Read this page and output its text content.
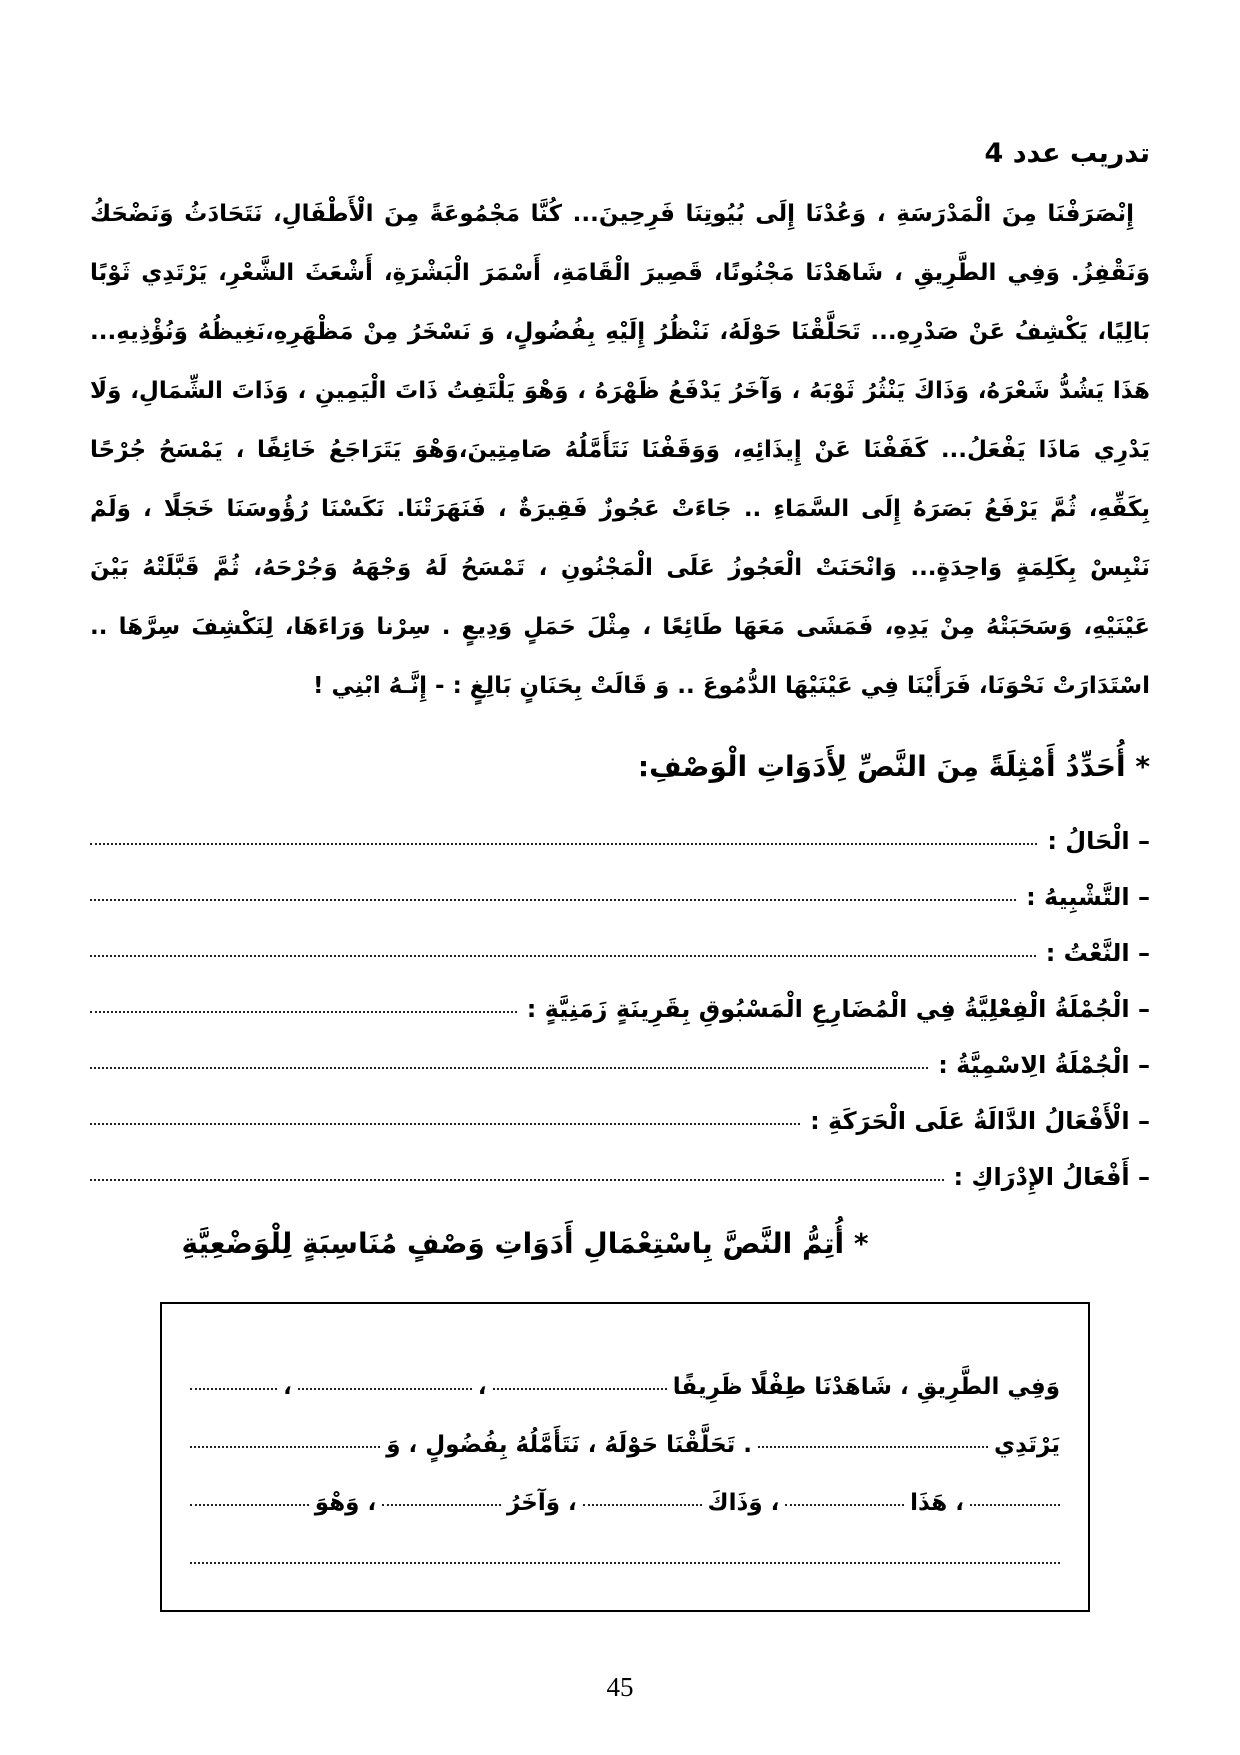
تدريب عدد 4
إِنْصَرَفْنَا مِنَ الْمَدْرَسَةِ ، وَعُدْنَا إِلَى بُيُوتِنَا فَرِحِينَ... كُنَّا مَجْمُوعَةً مِنَ الْأَطْفَالِ، نَتَحَادَثُ وَنَضْحَكُ
وَنَقْفِزُ. وَفِي الطَّرِيقِ ، شَاهَدْنَا مَجْنُونًا، قَصِيرَ الْقَامَةِ، أَسْمَرَ الْبَشْرَةِ، أَشْعَثَ الشَّعْرِ، يَرْتَدِي ثَوْبًا
بَالِيًا، يَكْشِفُ عَنْ صَدْرِهِ... تَحَلَّقْنَا حَوْلَهُ، نَنْظُرُ إِلَيْهِ بِفُضُولٍ، وَ نَسْخَرُ مِنْ مَظْهَرِهِ،نَغِيظُهُ وَنُؤْذِيهِ...
هَذَا يَشُدُّ شَعْرَهُ، وَذَاكَ يَنْثُرُ ثَوْبَهُ ، وَآخَرُ يَدْفَعُ ظَهْرَهُ ، وَهْوَ يَلْتَفِتُ ذَاتَ الْيَمِينِ ، وَذَاتَ الشِّمَالِ، وَلَا
يَدْرِي مَاذَا يَفْعَلُ... كَفَفْنَا عَنْ إِيذَائِهِ، وَوَقَفْنَا نَتَأَمَّلُهُ صَامِتِينَ،وَهْوَ يَتَرَاجَعُ خَائِفًا ، يَمْسَحُ جُرْحًا
بِكَفِّهِ، ثُمَّ يَرْفَعُ بَصَرَهُ إِلَى السَّمَاءِ .. جَاءَتْ عَجُوزٌ فَقِيرَةٌ ، فَنَهَرَتْنَا. نَكَسْنَا رُؤُوسَنَا خَجَلًا ، وَلَمْ
نَنْبِسْ بِكَلِمَةٍ وَاحِدَةٍ... وَانْحَنَتْ الْعَجُوزُ عَلَى الْمَجْنُونِ ، تَمْسَحُ لَهُ وَجْهَهُ وَجُرْحَهُ، ثُمَّ قَبَّلَتْهُ بَيْنَ
عَيْنَيْهِ، وَسَحَبَتْهُ مِنْ يَدِهِ، فَمَشَى مَعَهَا طَائِعًا ، مِثْلَ حَمَلٍ وَدِيعٍ . سِرْنا وَرَاءَهَا، لِنَكْشِفَ سِرَّهَا ..
اسْتَدَارَتْ نَحْوَنَا، فَرَأَيْنَا فِي عَيْنَيْهَا الدُّمُوعَ .. وَ قَالَتْ بِحَنَانٍ بَالِغٍ : - إِنَّـهُ ابْنِي !
* أُحَدِّدُ أَمْثِلَةً مِنَ النَّصِّ لِأَدَوَاتِ الْوَصْفِ:
– الْحَالُ :
– التَّشْبِيهُ :
– النَّعْتُ :
– الْجُمْلَةُ الْفِعْلِيَّةُ فِي الْمُضَارِعِ الْمَسْبُوقِ بِقَرِينَةٍ زَمَنِيَّةٍ :
– الْجُمْلَةُ الِاسْمِيَّةُ :
– الْأَفْعَالُ الدَّالَةُ عَلَى الْحَرَكَةِ :
– أَفْعَالُ الإِدْرَاكِ :
* أُتِمُّ النَّصَّ بِاسْتِعْمَالِ أَدَوَاتِ وَصْفٍ مُنَاسِبَةٍ لِلْوَضْعِيَّةِ
وَفِي الطَّرِيقِ ، شَاهَدْنَا طِفْلًا ظَرِيفًا
،
،
يَرْتَدِي
. تَحَلَّقْنَا حَوْلَهُ ، نَتَأَمَّلُهُ بِفُضُولٍ ، وَ
، هَذَا
، وَذَاكَ
، وَآخَرُ
، وَهْوَ
45
